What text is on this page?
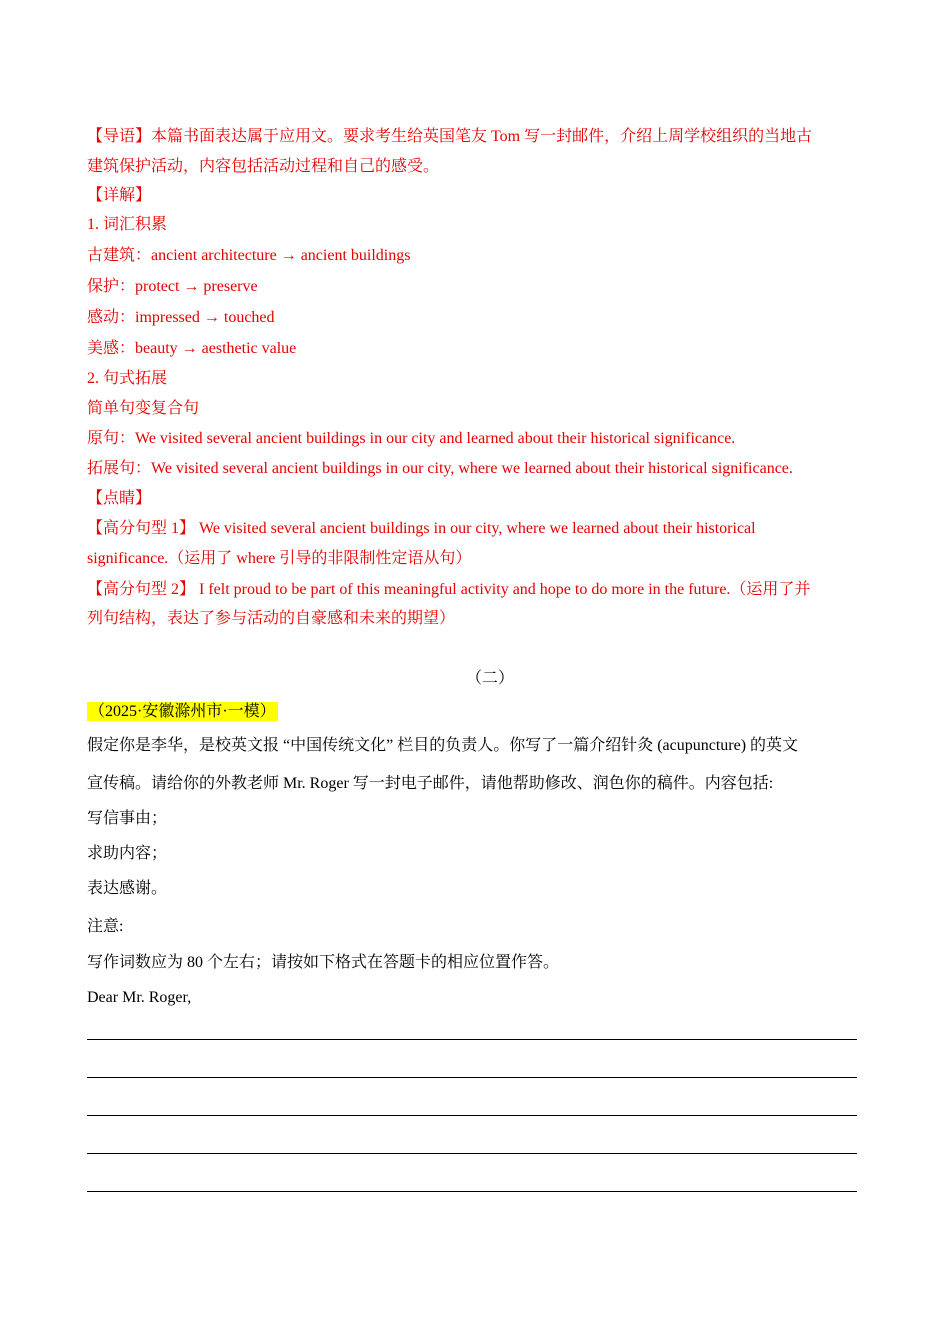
【导语】本篇书面表达属于应用文。要求考生给英国笔友 Tom 写一封邮件，介绍上周学校组织的当地古
建筑保护活动，内容包括活动过程和自己的感受。
【详解】
1. 词汇积累
古建筑：ancient architecture → ancient buildings
保护：protect → preserve
感动：impressed → touched
美感：beauty → aesthetic value
2. 句式拓展
简单句变复合句
原句：We visited several ancient buildings in our city and learned about their historical significance.
拓展句：We visited several ancient buildings in our city, where we learned about their historical significance.
【点睛】
【高分句型 1】 We visited several ancient buildings in our city, where we learned about their historical
significance.（运用了 where 引导的非限制性定语从句）
【高分句型 2】 I felt proud to be part of this meaningful activity and hope to do more in the future.（运用了并
列句结构，表达了参与活动的自豪感和未来的期望）
（二）
（2025·安徽滁州市·一模）
假定你是李华，是校英文报 “中国传统文化” 栏目的负责人。你写了一篇介绍针灸 (acupuncture) 的英文
宣传稿。请给你的外教老师 Mr. Roger 写一封电子邮件，请他帮助修改、润色你的稿件。内容包括:
写信事由；
求助内容；
表达感谢。
注意:
写作词数应为 80 个左右；请按如下格式在答题卡的相应位置作答。
Dear Mr. Roger,
